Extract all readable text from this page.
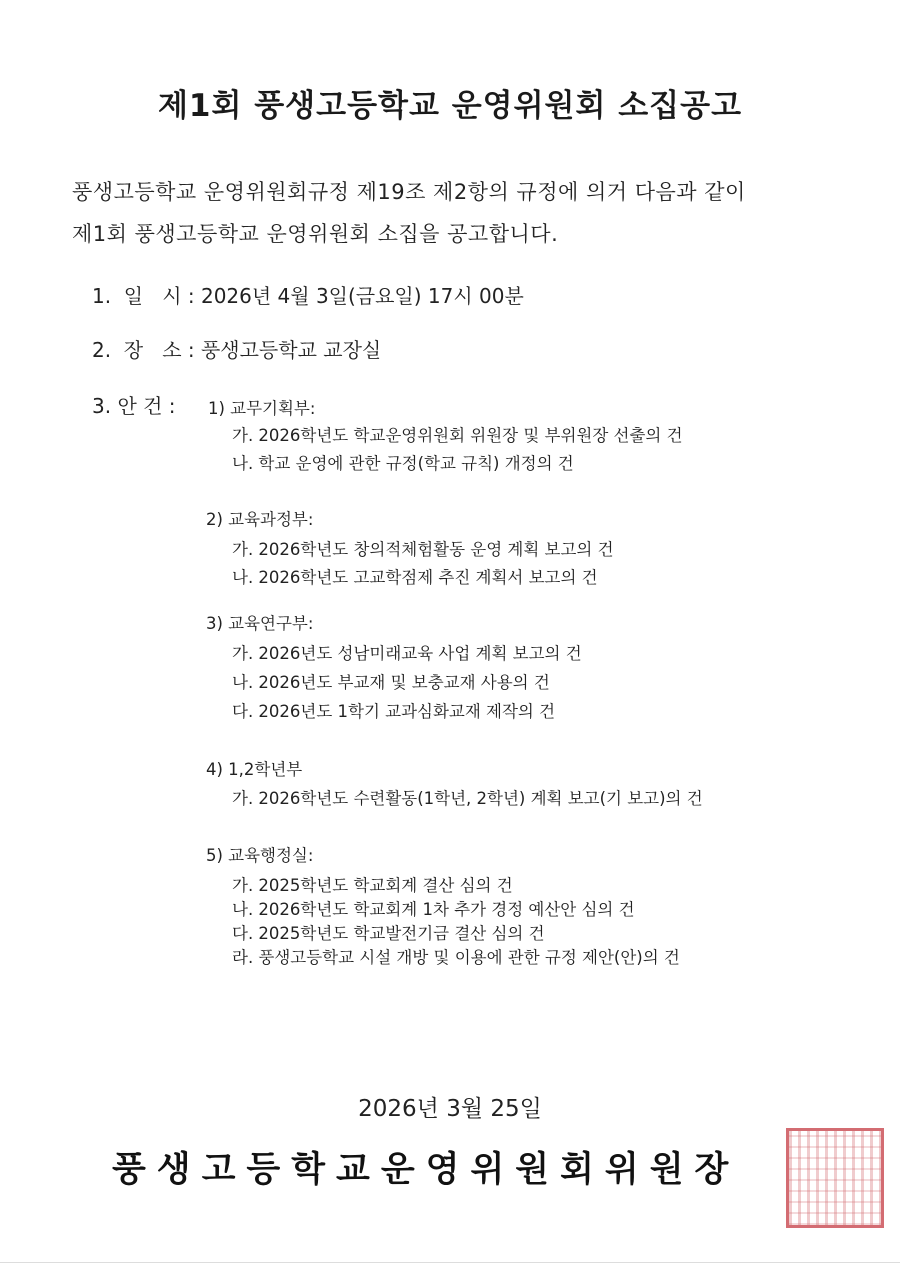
제1회 풍생고등학교 운영위원회 소집공고
풍생고등학교 운영위원회규정 제19조 제2항의 규정에 의거 다음과 같이
제1회 풍생고등학교 운영위원회 소집을 공고합니다.
1.  일   시 : 2026년 4월 3일(금요일) 17시 00분
2.  장   소 : 풍생고등학교 교장실
3. 안 건 : 1) 교무기획부:
가. 2026학년도 학교운영위원회 위원장 및 부위원장 선출의 건
나. 학교 운영에 관한 규정(학교 규칙) 개정의 건
2) 교육과정부:
가. 2026학년도 창의적체험활동 운영 계획 보고의 건
나. 2026학년도 고교학점제 추진 계획서 보고의 건
3) 교육연구부:
가. 2026년도 성남미래교육 사업 계획 보고의 건
나. 2026년도 부교재 및 보충교재 사용의 건
다. 2026년도 1학기 교과심화교재 제작의 건
4) 1,2학년부
가. 2026학년도 수련활동(1학년, 2학년) 계획 보고(기 보고)의 건
5) 교육행정실:
가. 2025학년도 학교회계 결산 심의 건
나. 2026학년도 학교회계 1차 추가 경정 예산안 심의 건
다. 2025학년도 학교발전기금 결산 심의 건
라. 풍생고등학교 시설 개방 및 이용에 관한 규정 제안(안)의 건
2026년 3월 25일
풍생고등학교운영위원회위원장
